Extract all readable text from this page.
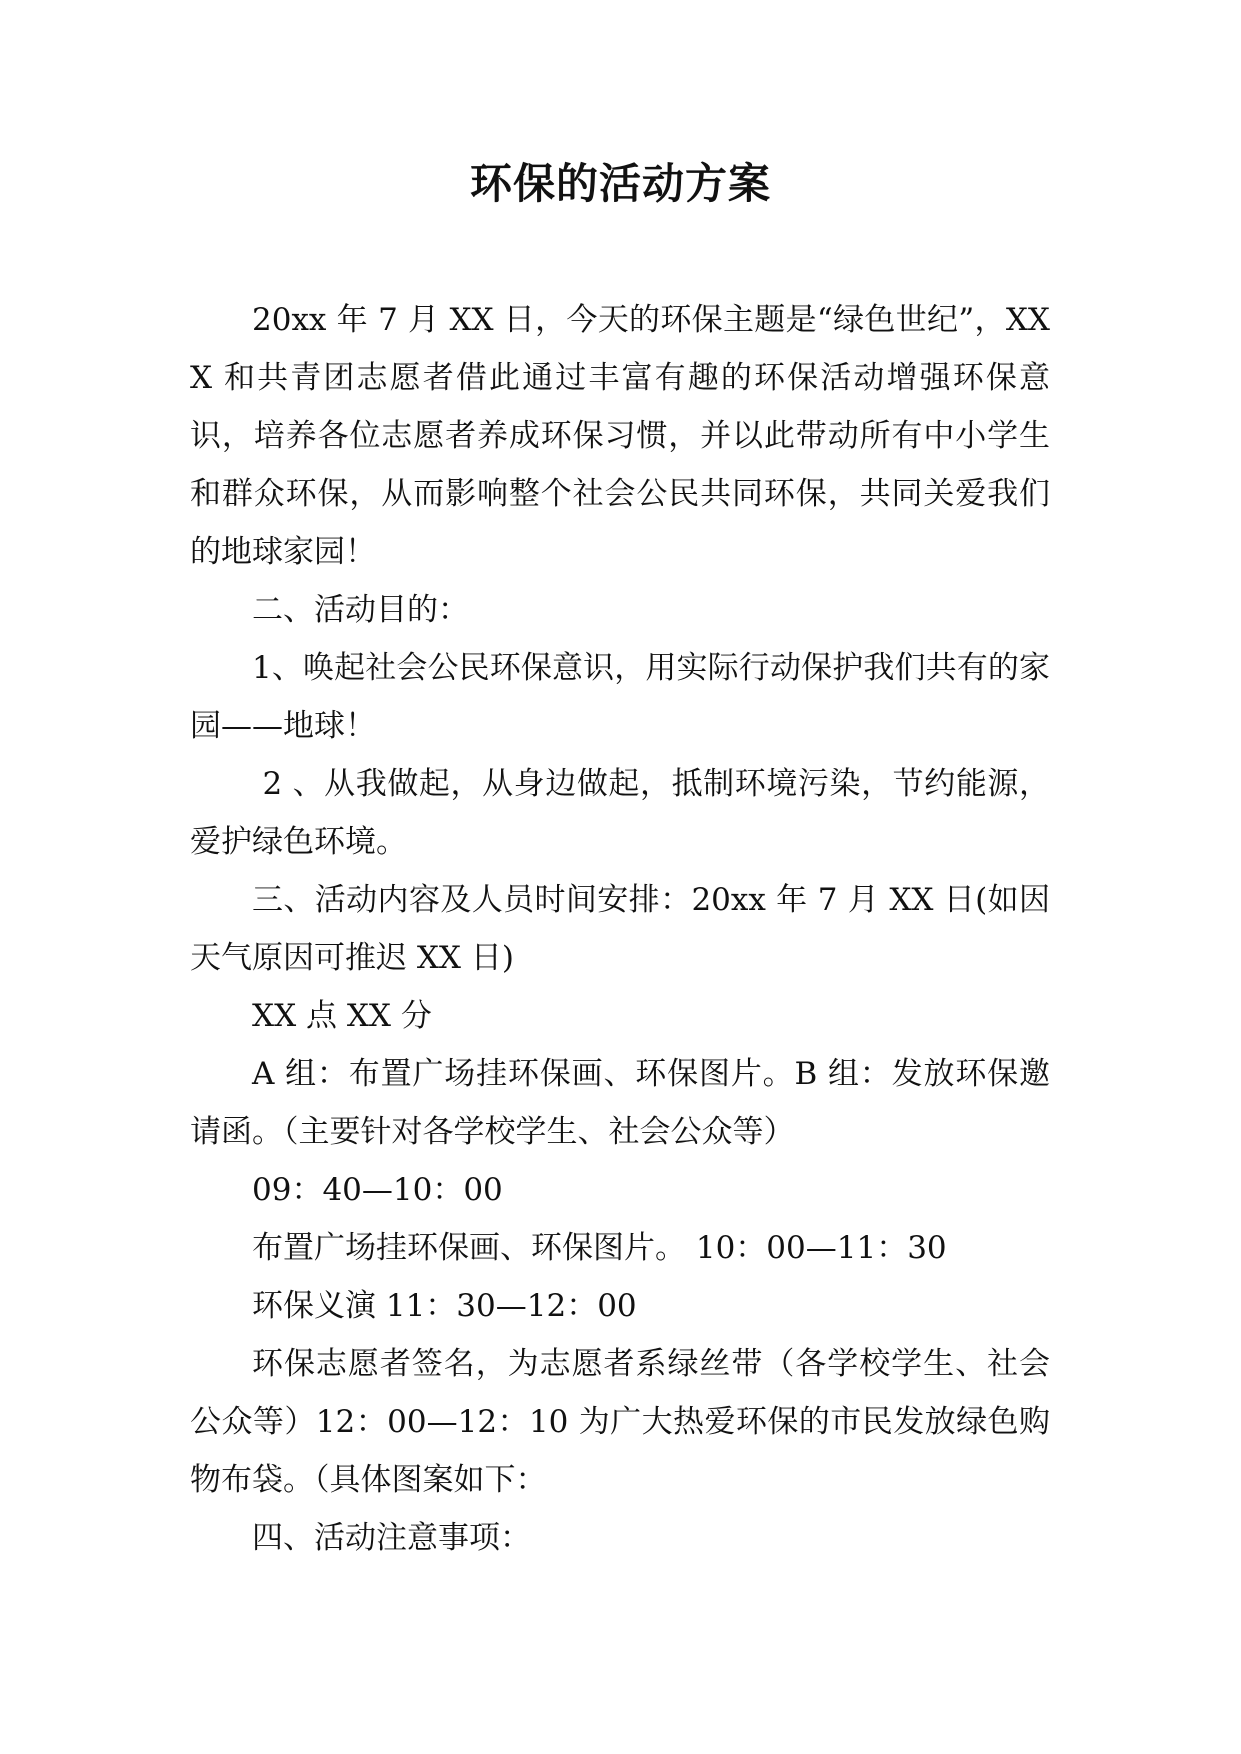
环保的活动方案

20xx 年 7 月 XX 日，今天的环保主题是“绿色世纪”，XXX 和共青团志愿者借此通过丰富有趣的环保活动增强环保意识，培养各位志愿者养成环保习惯，并以此带动所有中小学生和群众环保，从而影响整个社会公民共同环保，共同关爱我们的地球家园！

二、活动目的：

1、唤起社会公民环保意识，用实际行动保护我们共有的家园——地球！

2 、从我做起，从身边做起，抵制环境污染，节约能源，爱护绿色环境。

三、活动内容及人员时间安排：20xx 年 7 月 XX 日(如因天气原因可推迟 XX 日)

XX 点 XX 分

A 组：布置广场挂环保画、环保图片。B 组：发放环保邀请函。（主要针对各学校学生、社会公众等）

09：40—10：00

布置广场挂环保画、环保图片。 10：00—11：30

环保义演 11：30—12：00

环保志愿者签名，为志愿者系绿丝带（各学校学生、社会公众等）12：00—12：10 为广大热爱环保的市民发放绿色购物布袋。（具体图案如下：

四、活动注意事项：
